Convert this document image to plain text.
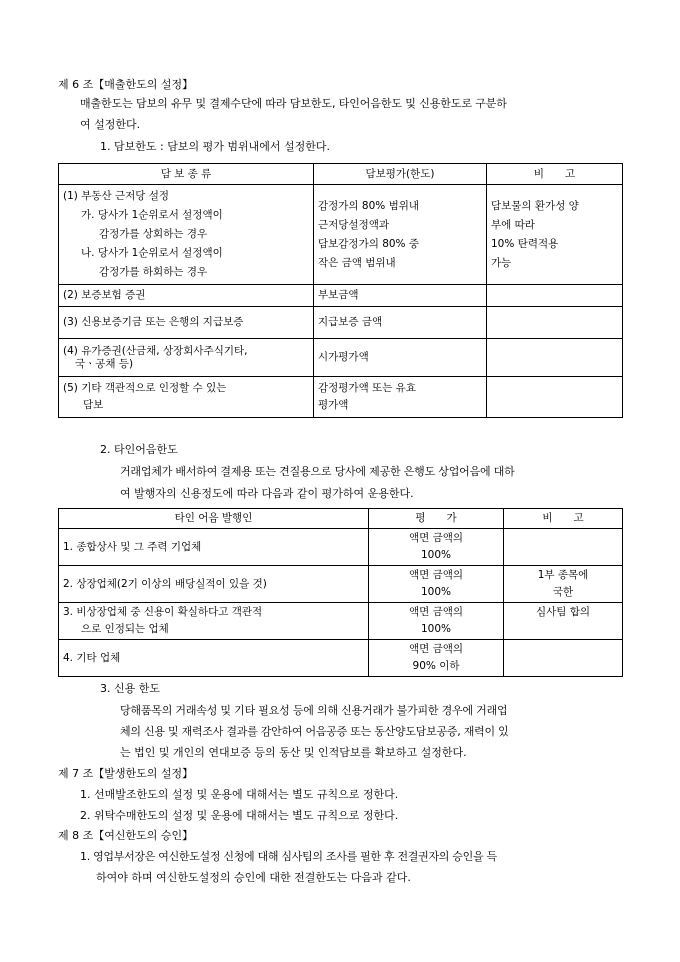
제 6 조【매출한도의 설정】
매출한도는 담보의 유무 및 결제수단에 따라 담보한도, 타인어음한도 및 신용한도로 구분하
여 설정한다.
1. 담보한도 : 담보의 평가 범위내에서 설정한다.
담 보 종 류	담보평가(한도)	비　　고

(1) 부동산 근저당 설정
가. 당사가 1순위로서 설정액이
감정가를 상회하는 경우
나. 당사가 1순위로서 설정액이
감정가를 하회하는 경우	감정가의 80% 범위내
근저당설정액과
담보감정가의 80% 중
작은 금액 범위내	담보물의 환가성 양
부에 따라
10% 탄력적용
가능

(2) 보증보험 증권	부보금액	
(3) 신용보증기금 또는 은행의 지급보증	지급보증 금액	

(4) 유가증권(산금채, 상장회사주식기타,
국ㆍ공채 등)	시가평가액	

(5) 기타 객관적으로 인정할 수 있는
담보	감정평가액 또는 유효
평가액	

2. 타인어음한도
거래업체가 배서하여 결제용 또는 견질용으로 당사에 제공한 은행도 상업어음에 대하
여 발행자의 신용정도에 따라 다음과 같이 평가하여 운용한다.
타인 어음 발행인	평　　가	비　　고
1. 종합상사 및 그 주력 기업체	액면 금액의
100%	

2. 상장업체(2기 이상의 배당실적이 있을 것)	액면 금액의
100%	1부 종목에
국한

3. 비상장업체 중 신용이 확실하다고 객관적
으로 인정되는 업체	액면 금액의
100%	심사팀 합의
4. 기타 업체	액면 금액의
90% 이하	

3. 신용 한도
당해품목의 거래속성 및 기타 필요성 등에 의해 신용거래가 불가피한 경우에 거래업
체의 신용 및 재력조사 결과를 감안하여 어음공증 또는 동산양도담보공증, 재력이 있
는 법인 및 개인의 연대보증 등의 동산 및 인적담보를 확보하고 설정한다.
제 7 조【발생한도의 설정】
1. 선매발조한도의 설정 및 운용에 대해서는 별도 규칙으로 정한다.
2. 위탁수매한도의 설정 및 운용에 대해서는 별도 규칙으로 정한다.
제 8 조【여신한도의 승인】
1. 영업부서장은 여신한도설정 신청에 대해 심사팀의 조사를 필한 후 전결권자의 승인을 득
하여야 하며 여신한도설정의 승인에 대한 전결한도는 다음과 같다.
